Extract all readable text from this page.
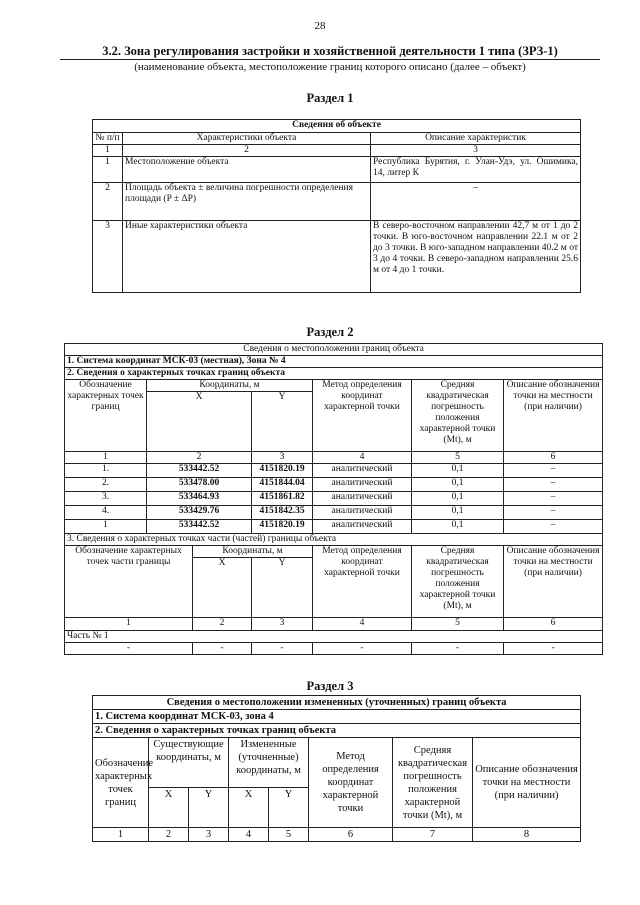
28
3.2. Зона регулирования застройки и хозяйственной деятельности 1 типа (ЗРЗ-1)
(наименование объекта, местоположение границ которого описано (далее – объект)
Раздел 1
Сведения об объекте		
№ п/п	Характеристики объекта	Описание характеристик
1	2	3
1	Местоположение объекта	Республика Бурятия, г. Улан-Удэ, ул. Ошимика, 14, литер К
2	Площадь объекта ± величина погрешности определения площади (P ± ΔP)	–
3	Иные характеристики объекта	В северо-восточном направлении 42,7 м от 1 до 2 точки. В юго-восточном направлении 22.1 м от 2 до 3 точки. В юго-западном направлении 40.2 м от 3 до 4 точки. В северо-западном направлении 25.6 м от 4 до 1 точки.
Раздел 2
Сведения о местоположении границ объекта						
1. Система координат МСК-03 (местная), Зона № 4						
2. Сведения о характерных точках границ объекта						
Обозначение характерных точек границ	Координаты, м			Метод определения координат характерной точки	Средняя квадратическая погрешность положения характерной точки (Mt), м	Описание обозначения точки на местности (при наличии)
	X		Y			
1	2		3	4	5	6
1.	533442.52		4151820.19	аналитический	0,1	–
2.	533478.00		4151844.04	аналитический	0,1	–
3.	533464.93		4151861.82	аналитический	0,1	–
4.	533429.76		4151842.35	аналитический	0,1	–
1	533442.52		4151820.19	аналитический	0,1	–
3. Сведения о характерных точках части (частей) границы объекта						
Обозначение характерных точек части границы		Координаты, м		Метод определения координат характерной точки	Средняя квадратическая погрешность положения характерной точки (Mt), м	Описание обозначения точки на местности (при наличии)
		X	Y			
1		2	3	4	5	6
Часть № 1						
-		-	-	-	-	-
Раздел 3
Сведения о местоположении измененных (уточненных) границ объекта							
1. Система координат МСК-03, зона 4							
2. Сведения о характерных точках границ объекта							
Обозначение характерных точек границ	Существующие координаты, м		Измененные (уточненные) координаты, м		Метод определения координат характерной точки	Средняя квадратическая погрешность положения характерной точки (Mt), м	Описание обозначения точки на местности (при наличии)
	X	Y	X	Y			
1	2	3	4	5	6	7	8
